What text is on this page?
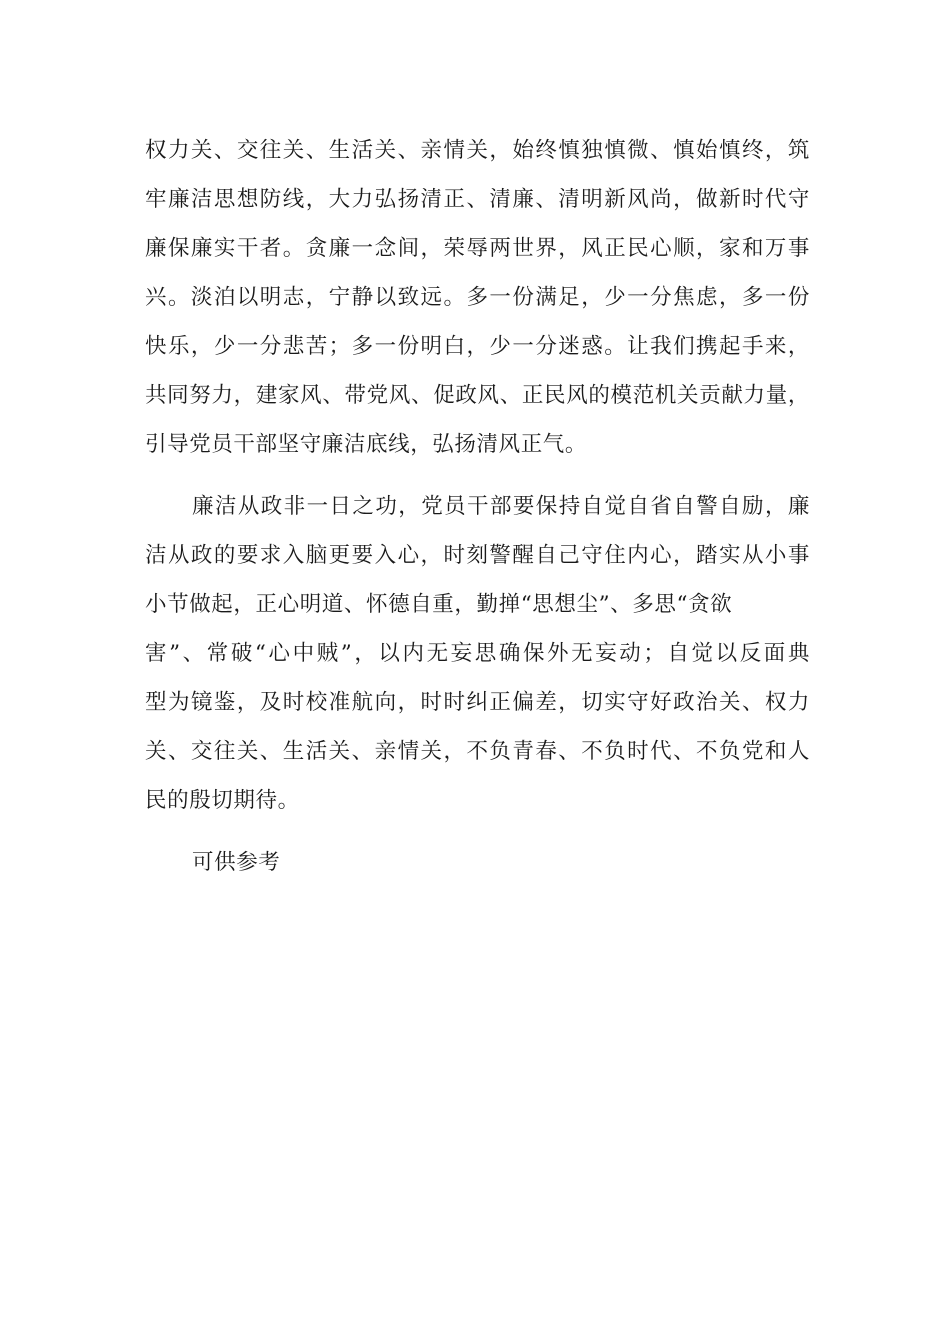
权力关、交往关、生活关、亲情关，始终慎独慎微、慎始慎终，筑
牢廉洁思想防线，大力弘扬清正、清廉、清明新风尚，做新时代守
廉保廉实干者。贪廉一念间，荣辱两世界，风正民心顺，家和万事
兴。淡泊以明志，宁静以致远。多一份满足，少一分焦虑，多一份
快乐，少一分悲苦；多一份明白，少一分迷惑。让我们携起手来，
共同努力，建家风、带党风、促政风、正民风的模范机关贡献力量，
引导党员干部坚守廉洁底线，弘扬清风正气。
廉洁从政非一日之功，党员干部要保持自觉自省自警自励，廉
洁从政的要求入脑更要入心，时刻警醒自己守住内心，踏实从小事
小节做起，正心明道、怀德自重，勤掸“思想尘”、多思“贪欲
害”、常破“心中贼”，以内无妄思确保外无妄动；自觉以反面典
型为镜鉴，及时校准航向，时时纠正偏差，切实守好政治关、权力
关、交往关、生活关、亲情关，不负青春、不负时代、不负党和人
民的殷切期待。
可供参考
